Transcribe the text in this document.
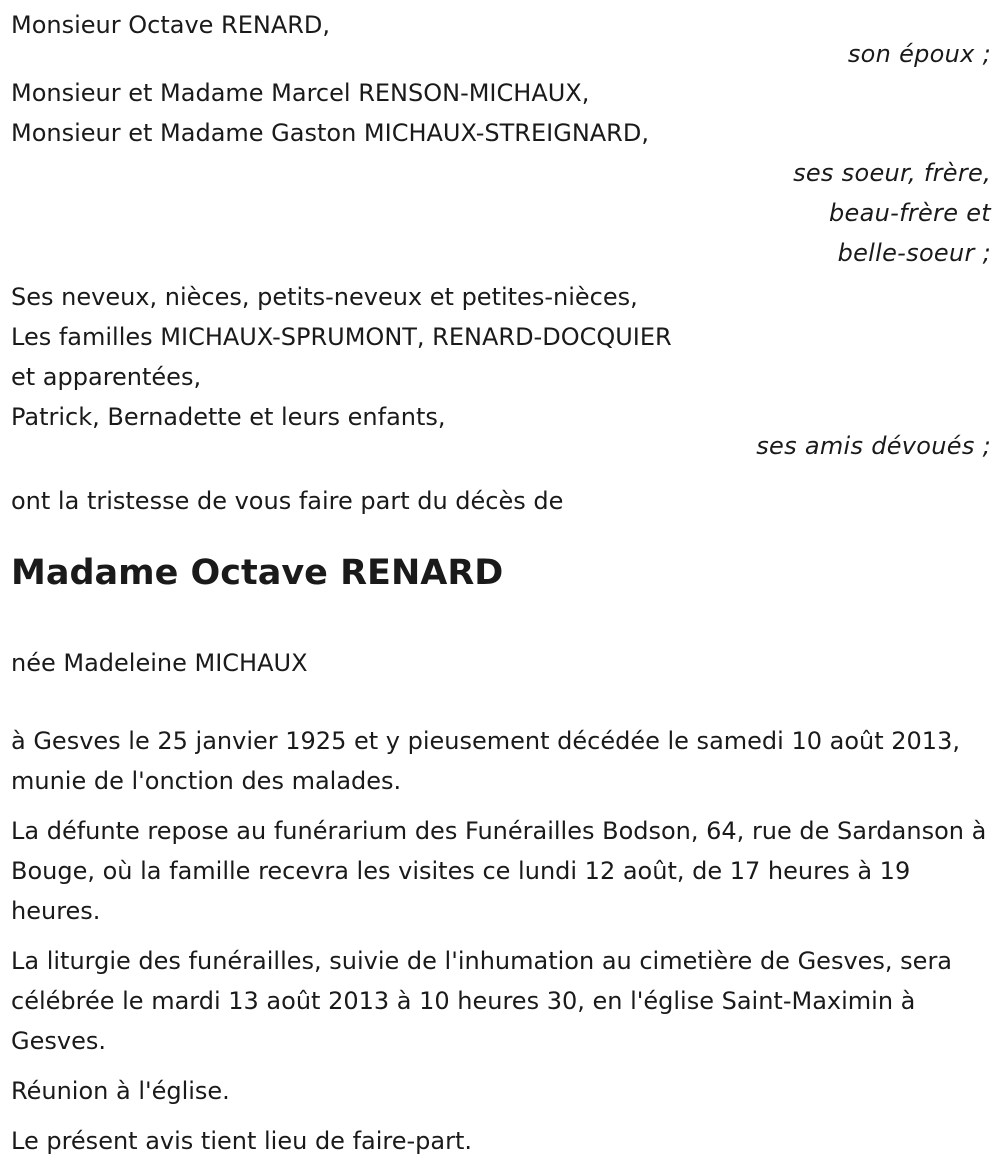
Monsieur Octave RENARD,
son époux ;
Monsieur et Madame Marcel RENSON-MICHAUX,
Monsieur et Madame Gaston MICHAUX-STREIGNARD,
ses soeur, frère,
beau-frère et
belle-soeur ;
Ses neveux, nièces, petits-neveux et petites-nièces,
Les familles MICHAUX-SPRUMONT, RENARD-DOCQUIER
et apparentées,
Patrick, Bernadette et leurs enfants,
ses amis dévoués ;
ont la tristesse de vous faire part du décès de
Madame Octave RENARD
née Madeleine MICHAUX

à Gesves le 25 janvier 1925 et y pieusement décédée le samedi 10 août 2013, munie de l'onction des malades.

La défunte repose au funérarium des Funérailles Bodson, 64, rue de Sardanson à Bouge, où la famille recevra les visites ce lundi 12 août, de 17 heures à 19 heures.

La liturgie des funérailles, suivie de l'inhumation au cimetière de Gesves, sera célébrée le mardi 13 août 2013 à 10 heures 30, en l'église Saint-Maximin à Gesves.

Réunion à l'église.

Le présent avis tient lieu de faire-part.
